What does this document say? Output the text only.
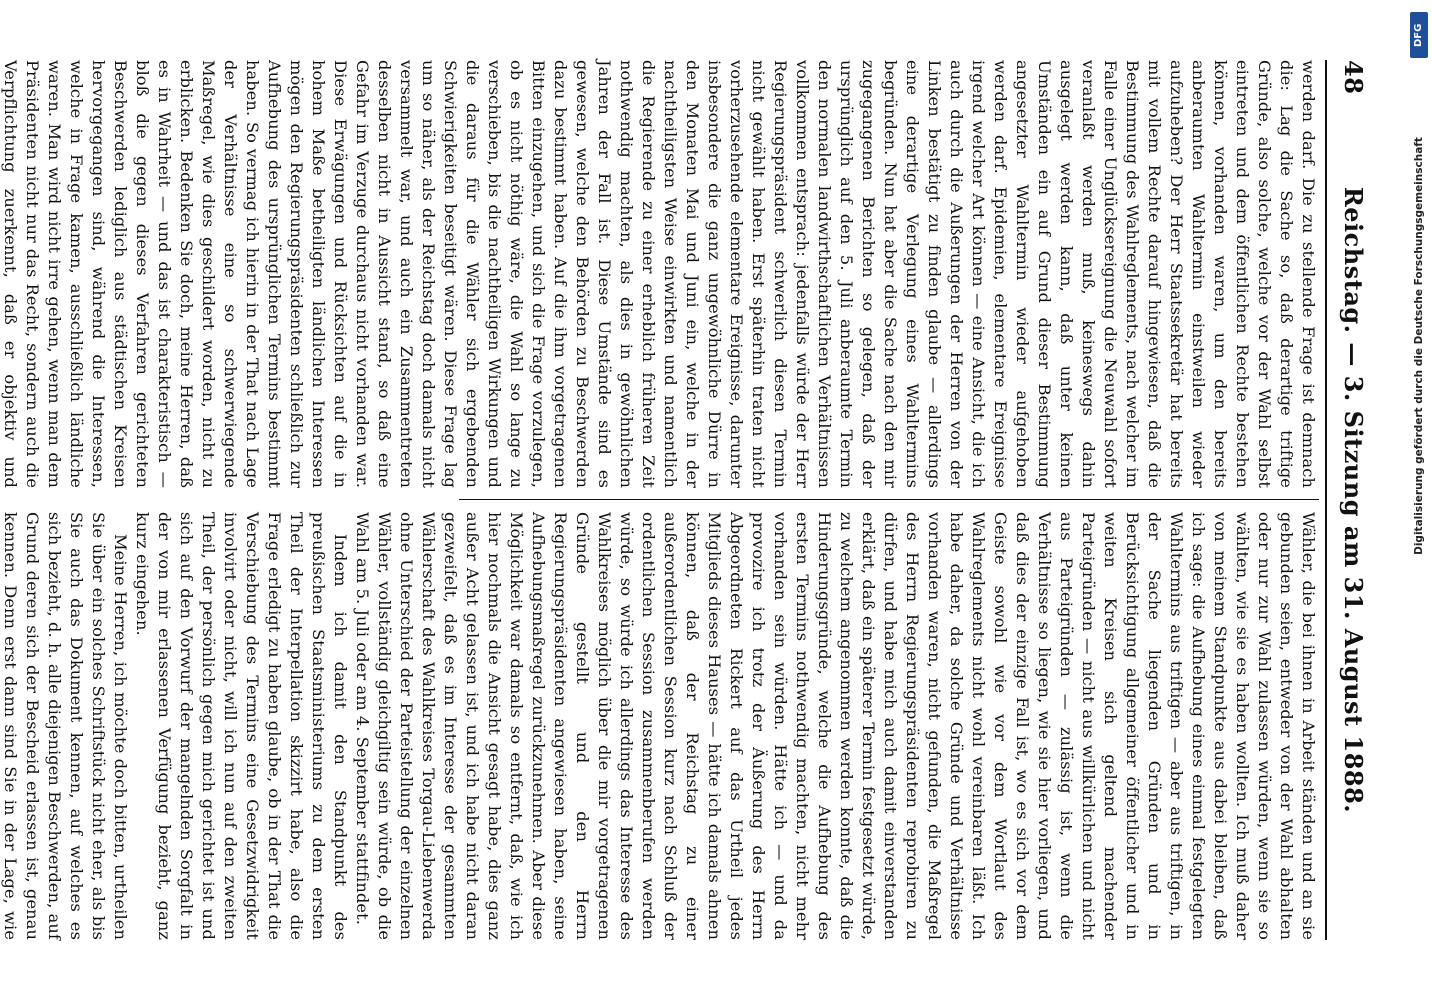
48
Reichstag. — 3. Sitzung am 31. August 1888.

werden darf. Die zu stellende Frage ist demnach die: Lag die Sache so, daß derartige triftige Gründe, also solche, welche vor der Wahl selbst eintreten und dem öffentlichen Rechte bestehen können, vorhanden waren, um den bereits anberaumten Wahltermin einstweilen wieder aufzuheben? Der Herr Staatssekretär hat bereits mit vollem Rechte darauf hingewiesen, daß die Bestimmung des Wahlreglements, nach welcher im Falle einer Unglücksereignung die Neuwahl sofort veranlaßt werden muß, keineswegs dahin ausgelegt werden kann, daß unter keinen Umständen ein auf Grund dieser Bestimmung angesetzter Wahltermin wieder aufgehoben werden darf. Epidemien, elementare Ereignisse irgend welcher Art können — eine Ansicht, die ich auch durch die Außerungen der Herren von der Linken bestätigt zu finden glaube — allerdings eine derartige Verlegung eines Wahltermins begründen. Nun hat aber die Sache nach den mir zugegangenen Berichten so gelegen, daß der ursprünglich auf den 5. Juli anberaumte Termin den normalen landwirthschaftlichen Verhältnissen vollkommen entsprach: jedenfalls würde der Herr Regierungspräsident schwerlich diesen Termin nicht gewählt haben. Erst späterhin traten nicht vorherzusehende elementare Ereignisse, darunter insbesondere die ganz ungewöhnliche Dürre in den Monaten Mai und Juni ein, welche in der nachtheiligsten Weise einwirkten und namentlich die Regierende zu einer erheblich früheren Zeit nothwendig machten, als dies in gewöhnlichen Jahren der Fall ist. Diese Umstände sind es gewesen, welche den Behörden zu Beschwerden dazu bestimmt haben. Auf die ihm vorgetragenen Bitten einzugehen, und sich die Frage vorzulegen, ob es nicht nöthig wäre, die Wahl so lange zu verschieben, bis die nachtheiligen Wirkungen und die daraus für die Wähler sich ergebenden Schwierigkeiten beseitigt wären. Diese Frage lag um so näher, als der Reichstag doch damals nicht versammelt war, und auch ein Zusammentreten desselben nicht in Aussicht stand, so daß eine Gefahr im Verzuge durchaus nicht vorhanden war. Diese Erwägungen und Rücksichten auf die in hohem Maße betheiligten ländlichen Interessen mögen den Regierungspräsidenten schließlich zur Aufhebung des ursprünglichen Termins bestimmt haben. So vermag ich hierin in der That nach Lage der Verhältnisse eine so schwerwiegende Maßregel, wie dies geschildert worden, nicht zu erblicken. Bedenken Sie doch, meine Herren, daß es in Wahrheit — und das ist charakteristisch — bloß die gegen dieses Verfahren gerichteten Beschwerden lediglich aus städtischen Kreisen hervorgegangen sind, während die Interessen, welche in Frage kamen, ausschließlich ländliche waren. Man wird nicht irre gehen, wenn man dem Präsidenten nicht nur das Recht, sondern auch die Verpflichtung zuerkennt, daß er objektiv und

Wähler, die bei ihnen in Arbeit ständen und an sie gebunden seien, entweder von der Wahl abhalten oder nur zur Wahl zulassen würden, wenn sie so wählten, wie sie es haben wollten. Ich muß daher von meinem Standpunkte aus dabei bleiben, daß ich sage: die Aufhebung eines einmal festgelegten Wahltermins aus triftigen — aber aus triftigen, in der Sache liegenden Gründen und in Berücksichtigung allgemeiner öffentlicher und in weiten Kreisen sich geltend machender Parteigründen — nicht aus willkürlichen und nicht aus Parteigründen — zulässig ist, wenn die Verhältnisse so liegen, wie sie hier vorliegen, und daß dies der einzige Fall ist, wo es sich vor dem Geiste sowohl wie vor dem Wortlaut des Wahlreglements nicht wohl vereinbaren läßt. Ich habe daher, da solche Gründe und Verhältnisse vorhanden waren, nicht gefunden, die Maßregel des Herrn Regierungspräsidenten reprobiren zu dürfen, und habe mich auch damit einverstanden erklärt, daß ein späterer Termin festgesetzt würde, zu welchem angenommen werden konnte, daß die Hinderungsgründe, welche die Aufhebung des ersten Termins nothwendig machten, nicht mehr vorhanden sein würden. Hätte ich — und da provozire ich trotz der Äußerung des Herrn Abgeordneten Rickert auf das Urtheil jedes Mitglieds dieses Hauses — hätte ich damals ahnen können, daß der Reichstag zu einer außerordentlichen Session kurz nach Schluß der ordentlichen Session zusammenberufen werden würde, so würde ich allerdings das Interesse des Wahlkreises möglich über die mir vorgetragenen Gründe gestellt und den Herrn Regierungspräsidenten angewiesen haben, seine Aufhebungsmaßregel zurückzunehmen. Aber diese Möglichkeit war damals so entfernt, daß, wie ich hier nochmals die Ansicht gesagt habe, dies ganz außer Acht gelassen ist, und ich habe nicht daran gezweifelt, daß es im Interesse der gesammten Wählerschaft des Wahlkreises Torgau-Liebenwerda ohne Unterschied der Parteistellung der einzelnen Wähler, vollständig gleichgiltig sein würde, ob die Wahl am 5. Juli oder am 4. September stattfindet.

Indem ich damit den Standpunkt des preußischen Staatsministeriums zu dem ersten Theil der Interpellation skizzirt habe, also die Frage erledigt zu haben glaube, ob in der That die Verschiebung des Termins eine Gesetzwidrigkeit involvirt oder nicht, will ich nun auf den zweiten Theil, der persönlich gegen mich gerichtet ist und sich auf den Vorwurf der mangelnden Sorgfalt in der von mir erlassenen Verfügung bezieht, ganz kurz eingehen.

Meine Herren, ich möchte doch bitten, urtheilen Sie über ein solches Schriftstück nicht eher, als bis Sie auch das Dokument kennen, auf welches es sich bezieht, d. h. alle diejenigen Beschwerden, auf Grund deren sich der Bescheid erlassen ist, genau kennen. Denn erst dann sind Sie in der Lage, wie

DFG
Digitalisierung gefördert durch die Deutsche Forschungsgemeinschaft
